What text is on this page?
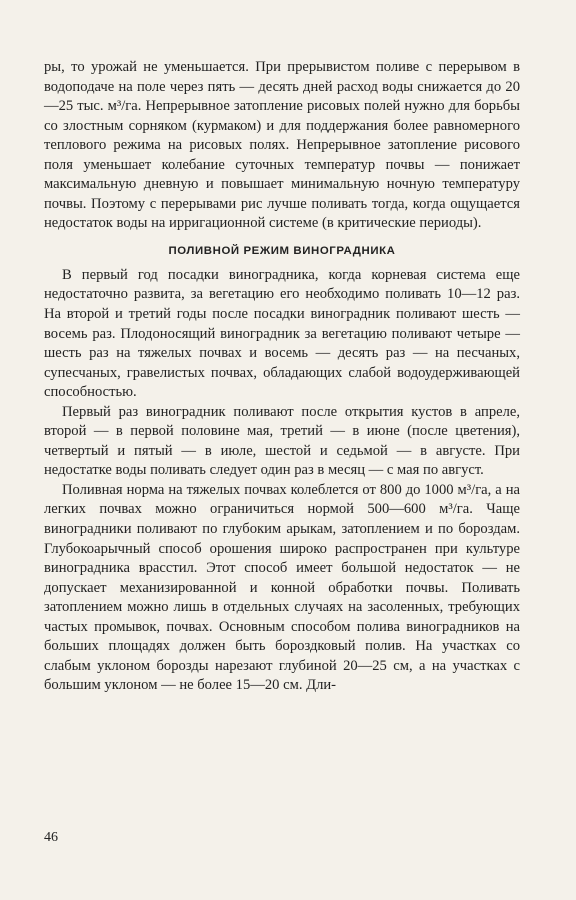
ры, то урожай не уменьшается. При прерывистом поливе с перерывом в водоподаче на поле через пять — десять дней расход воды снижается до 20—25 тыс. м³/га. Непрерывное затопление рисовых полей нужно для борьбы со злостным сорняком (курмаком) и для поддержания более равномерного теплового режима на рисовых полях. Непрерывное затопление рисового поля уменьшает колебание суточных температур почвы — понижает максимальную дневную и повышает минимальную ночную температуру почвы. Поэтому с перерывами рис лучше поливать тогда, когда ощущается недостаток воды на ирригационной системе (в критические периоды).

ПОЛИВНОЙ РЕЖИМ ВИНОГРАДНИКА

В первый год посадки виноградника, когда корневая система еще недостаточно развита, за вегетацию его необходимо поливать 10—12 раз. На второй и третий годы после посадки виноградник поливают шесть — восемь раз. Плодоносящий виноградник за вегетацию поливают четыре — шесть раз на тяжелых почвах и восемь — десять раз — на песчаных, супесчаных, гравелистых почвах, обладающих слабой водоудерживающей способностью.

Первый раз виноградник поливают после открытия кустов в апреле, второй — в первой половине мая, третий — в июне (после цветения), четвертый и пятый — в июле, шестой и седьмой — в августе. При недостатке воды поливать следует один раз в месяц — с мая по август.

Поливная норма на тяжелых почвах колеблется от 800 до 1000 м³/га, а на легких почвах можно ограничиться нормой 500—600 м³/га. Чаще виноградники поливают по глубоким арыкам, затоплением и по бороздам. Глубокоарычный способ орошения широко распространен при культуре виноградника врасстил. Этот способ имеет большой недостаток — не допускает механизированной и конной обработки почвы. Поливать затоплением можно лишь в отдельных случаях на засоленных, требующих частых промывок, почвах. Основным способом полива виноградников на больших площадях должен быть бороздковый полив. На участках со слабым уклоном борозды нарезают глубиной 20—25 см, а на участках с большим уклоном — не более 15—20 см. Дли-

46
